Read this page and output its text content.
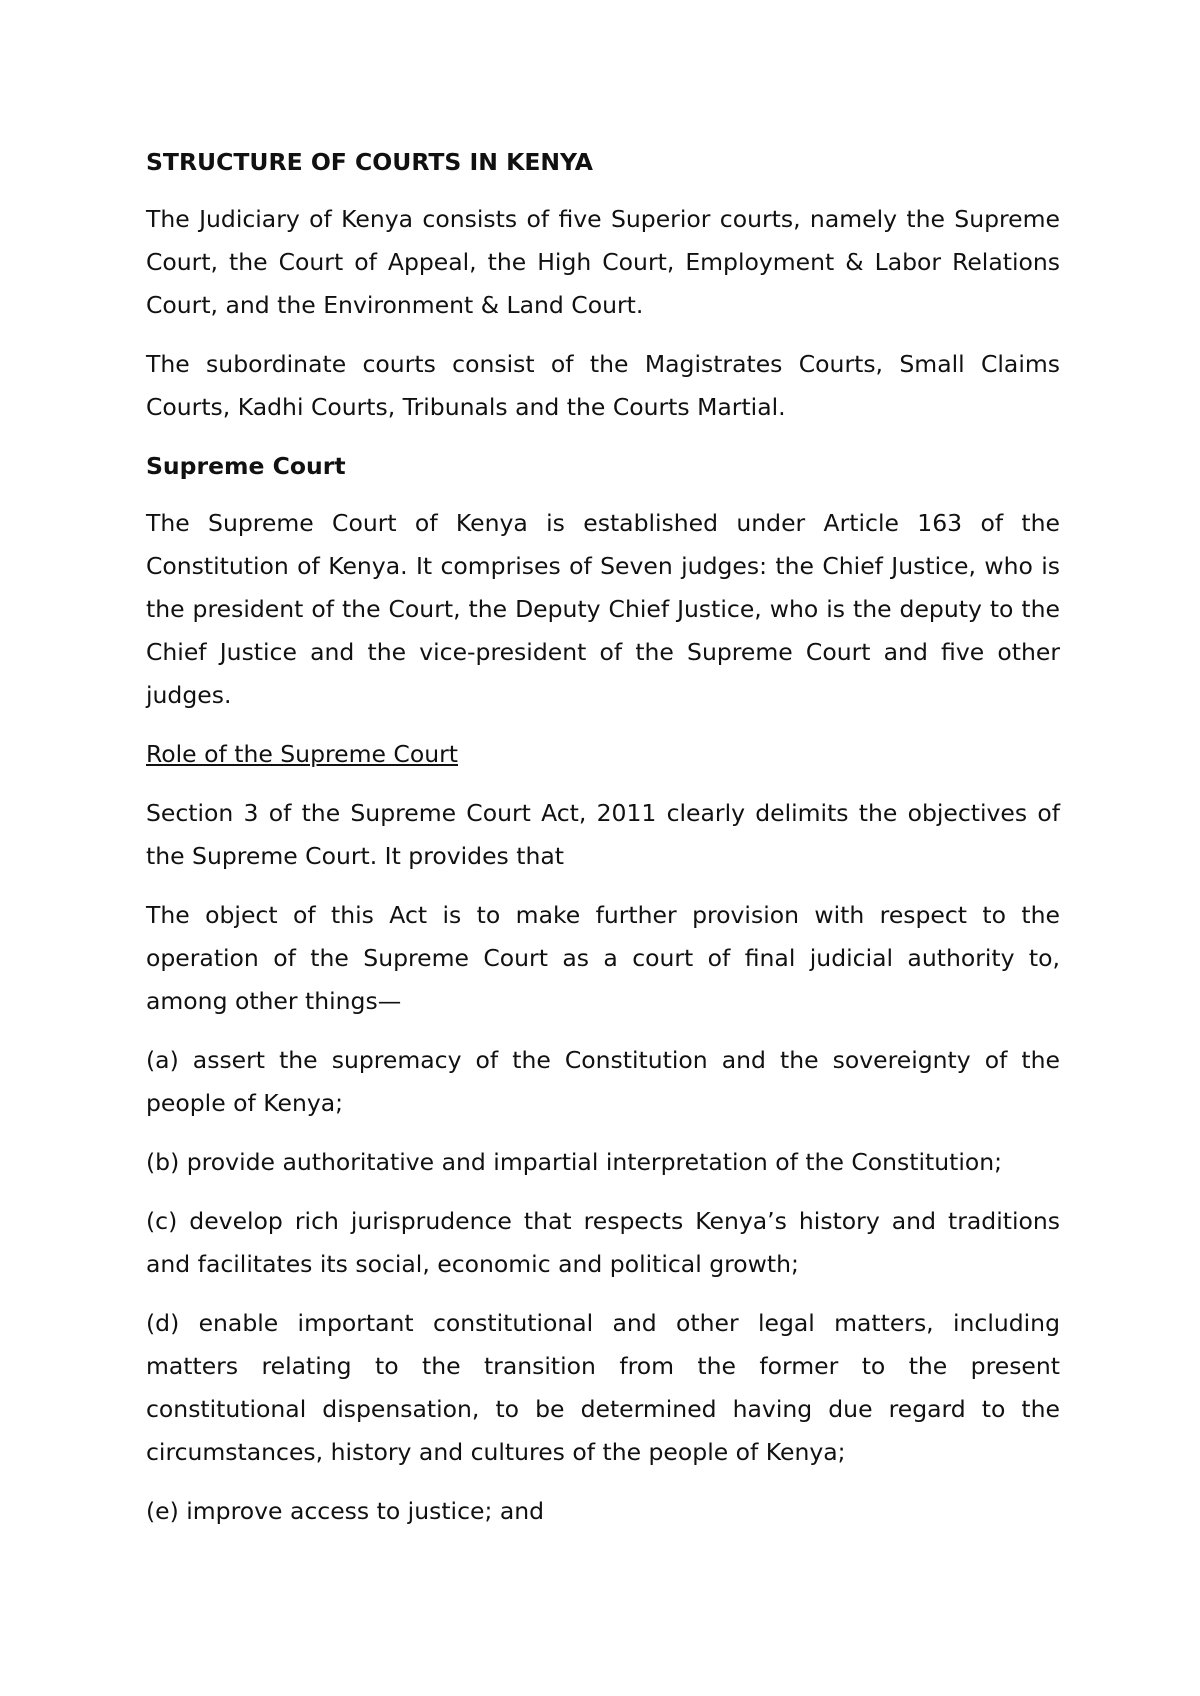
STRUCTURE OF COURTS IN KENYA

The Judiciary of Kenya consists of five Superior courts, namely the Supreme Court, the Court of Appeal, the High Court, Employment & Labor Relations Court, and the Environment & Land Court.

The subordinate courts consist of the Magistrates Courts, Small Claims Courts, Kadhi Courts, Tribunals and the Courts Martial.

Supreme Court

The Supreme Court of Kenya is established under Article 163 of the Constitution of Kenya. It comprises of Seven judges: the Chief Justice, who is the president of the Court, the Deputy Chief Justice, who is the deputy to the Chief Justice and the vice-president of the Supreme Court and five other judges.

Role of the Supreme Court

Section 3 of the Supreme Court Act, 2011 clearly delimits the objectives of the Supreme Court. It provides that

The object of this Act is to make further provision with respect to the operation of the Supreme Court as a court of final judicial authority to, among other things—

(a) assert the supremacy of the Constitution and the sovereignty of the people of Kenya;

(b) provide authoritative and impartial interpretation of the Constitution;

(c) develop rich jurisprudence that respects Kenya’s history and traditions and facilitates its social, economic and political growth;

(d) enable important constitutional and other legal matters, including matters relating to the transition from the former to the present constitutional dispensation, to be determined having due regard to the circumstances, history and cultures of the people of Kenya;

(e) improve access to justice; and
